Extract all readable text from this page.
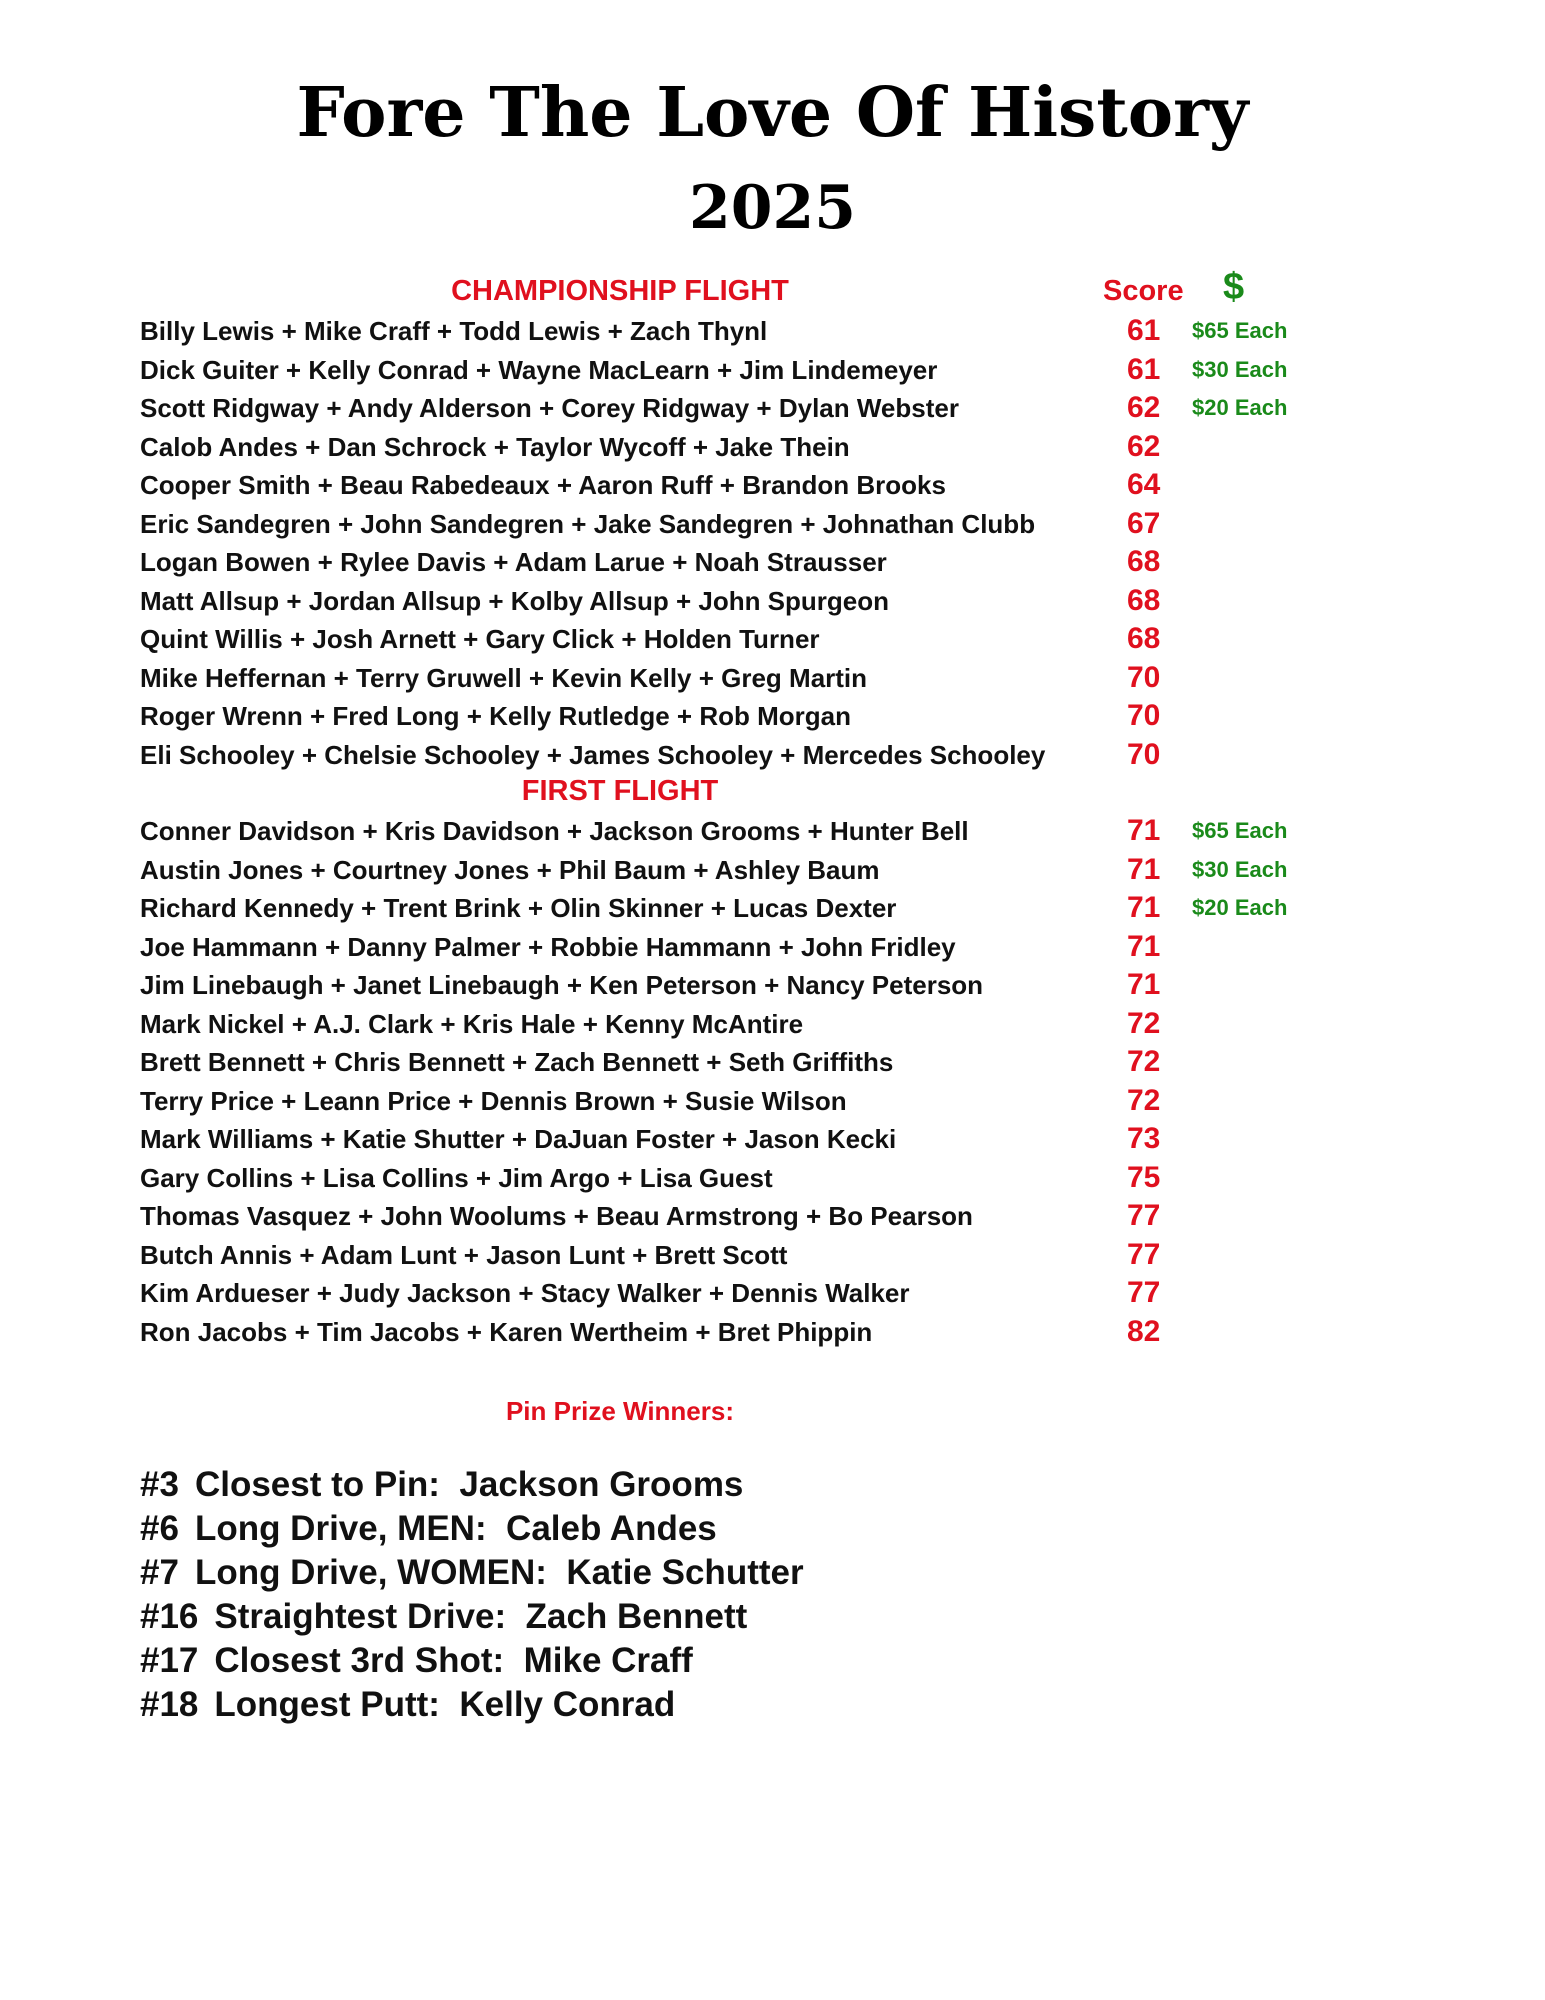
Fore The Love Of History
2025
CHAMPIONSHIP FLIGHT	Score $
FIRST FLIGHT
Billy Lewis + Mike Craff + Todd Lewis + Zach Thynl	61 $65 Each
Dick Guiter + Kelly Conrad + Wayne MacLearn + Jim Lindemeyer	61 $30 Each
Scott Ridgway + Andy Alderson + Corey Ridgway + Dylan Webster	62 $20 Each
Calob Andes + Dan Schrock + Taylor Wycoff + Jake Thein	62
Cooper Smith + Beau Rabedeaux + Aaron Ruff + Brandon Brooks	64
Eric Sandegren + John Sandegren + Jake Sandegren + Johnathan Clubb	67
Logan Bowen + Rylee Davis + Adam Larue + Noah Strausser	68
Matt Allsup + Jordan Allsup + Kolby Allsup + John Spurgeon	68
Quint Willis + Josh Arnett + Gary Click + Holden Turner	68
Mike Heffernan + Terry Gruwell + Kevin Kelly + Greg Martin	70
Roger Wrenn + Fred Long + Kelly Rutledge + Rob Morgan	70
Eli Schooley + Chelsie Schooley + James Schooley + Mercedes Schooley	70
Conner Davidson + Kris Davidson + Jackson Grooms + Hunter Bell	71 $65 Each
Austin Jones + Courtney Jones + Phil Baum + Ashley Baum	71 $30 Each
Richard Kennedy + Trent Brink + Olin Skinner + Lucas Dexter	71 $20 Each
Joe Hammann + Danny Palmer + Robbie Hammann + John Fridley	71
Jim Linebaugh + Janet Linebaugh + Ken Peterson + Nancy Peterson	71
Mark Nickel + A.J. Clark + Kris Hale + Kenny McAntire	72
Brett Bennett + Chris Bennett + Zach Bennett + Seth Griffiths	72
Terry Price + Leann Price + Dennis Brown + Susie Wilson	72
Mark Williams + Katie Shutter + DaJuan Foster + Jason Kecki	73
Gary Collins + Lisa Collins + Jim Argo + Lisa Guest	75
Thomas Vasquez + John Woolums + Beau Armstrong + Bo Pearson	77
Butch Annis + Adam Lunt + Jason Lunt + Brett Scott	77
Kim Ardueser + Judy Jackson + Stacy Walker + Dennis Walker	77
Ron Jacobs + Tim Jacobs + Karen Wertheim + Bret Phippin	82
Pin Prize Winners:
#3 Closest to Pin:  Jackson Grooms
#6 Long Drive, MEN:  Caleb Andes
#7 Long Drive, WOMEN:  Katie Schutter
#16 Straightest Drive:  Zach Bennett
#17 Closest 3rd Shot:  Mike Craff
#18 Longest Putt:  Kelly Conrad
